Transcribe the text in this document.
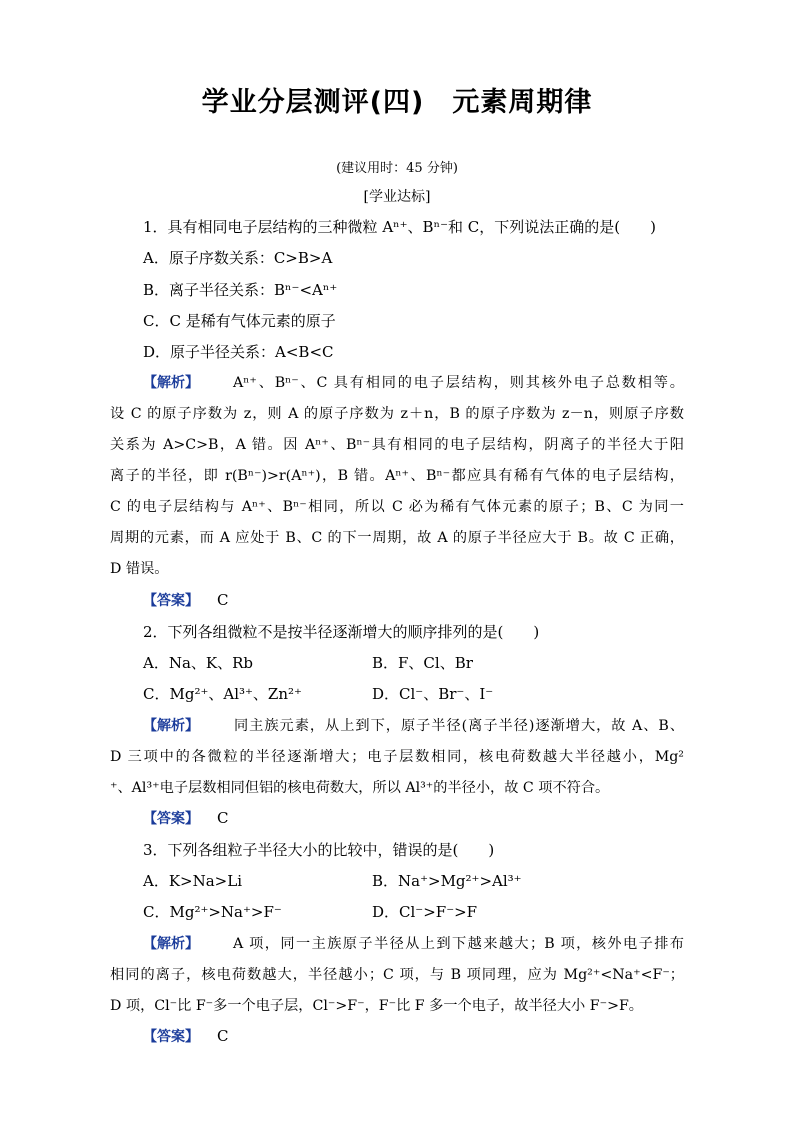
学业分层测评(四)　元素周期律
(建议用时：45 分钟)
[学业达标]
1．具有相同电子层结构的三种微粒 Aⁿ⁺、Bⁿ⁻和 C，下列说法正确的是(　　)
A．原子序数关系：C>B>A
B．离子半径关系：Bⁿ⁻<Aⁿ⁺
C．C 是稀有气体元素的原子
D．原子半径关系：A<B<C
【解析】 Aⁿ⁺、Bⁿ⁻、C 具有相同的电子层结构，则其核外电子总数相等。
设 C 的原子序数为 z，则 A 的原子序数为 z＋n，B 的原子序数为 z－n，则原子序数
关系为 A>C>B，A 错。因 Aⁿ⁺、Bⁿ⁻具有相同的电子层结构，阴离子的半径大于阳
离子的半径，即 r(Bⁿ⁻)>r(Aⁿ⁺)，B 错。Aⁿ⁺、Bⁿ⁻都应具有稀有气体的电子层结构，
C 的电子层结构与 Aⁿ⁺、Bⁿ⁻相同，所以 C 必为稀有气体元素的原子；B、C 为同一
周期的元素，而 A 应处于 B、C 的下一周期，故 A 的原子半径应大于 B。故 C 正确，
D 错误。
【答案】 C
2．下列各组微粒不是按半径逐渐增大的顺序排列的是(　　)
A．Na、K、Rb	B．F、Cl、Br
C．Mg²⁺、Al³⁺、Zn²⁺	D．Cl⁻、Br⁻、I⁻
【解析】 同主族元素，从上到下，原子半径(离子半径)逐渐增大，故 A、B、
D 三项中的各微粒的半径逐渐增大；电子层数相同，核电荷数越大半径越小，Mg²
⁺、Al³⁺电子层数相同但铝的核电荷数大，所以 Al³⁺的半径小，故 C 项不符合。
【答案】 C
3．下列各组粒子半径大小的比较中，错误的是(　　)
A．K>Na>Li	B．Na⁺>Mg²⁺>Al³⁺
C．Mg²⁺>Na⁺>F⁻	D．Cl⁻>F⁻>F
【解析】 A 项，同一主族原子半径从上到下越来越大；B 项，核外电子排布
相同的离子，核电荷数越大，半径越小；C 项，与 B 项同理，应为 Mg²⁺<Na⁺<F⁻；
D 项，Cl⁻比 F⁻多一个电子层，Cl⁻>F⁻，F⁻比 F 多一个电子，故半径大小 F⁻>F。
【答案】 C
